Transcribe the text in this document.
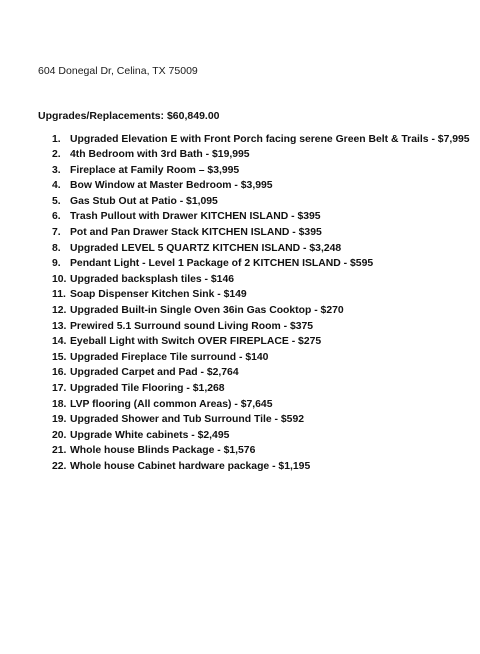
604 Donegal Dr, Celina, TX 75009
Upgrades/Replacements: $60,849.00
1. Upgraded Elevation E with Front Porch facing serene Green Belt & Trails - $7,995
2. 4th Bedroom with 3rd Bath - $19,995
3. Fireplace at Family Room – $3,995
4. Bow Window at Master Bedroom - $3,995
5. Gas Stub Out at Patio - $1,095
6. Trash Pullout with Drawer KITCHEN ISLAND - $395
7. Pot and Pan Drawer Stack KITCHEN ISLAND - $395
8. Upgraded LEVEL 5 QUARTZ KITCHEN ISLAND - $3,248
9. Pendant Light - Level 1 Package of 2 KITCHEN ISLAND - $595
10. Upgraded backsplash tiles - $146
11. Soap Dispenser Kitchen Sink - $149
12. Upgraded Built-in Single Oven 36in Gas Cooktop - $270
13. Prewired 5.1 Surround sound Living Room - $375
14. Eyeball Light with Switch OVER FIREPLACE - $275
15. Upgraded Fireplace Tile surround - $140
16. Upgraded Carpet and Pad - $2,764
17. Upgraded Tile Flooring - $1,268
18. LVP flooring (All common Areas) - $7,645
19. Upgraded Shower and Tub Surround Tile - $592
20. Upgrade White cabinets - $2,495
21. Whole house Blinds Package - $1,576
22. Whole house Cabinet hardware package - $1,195
